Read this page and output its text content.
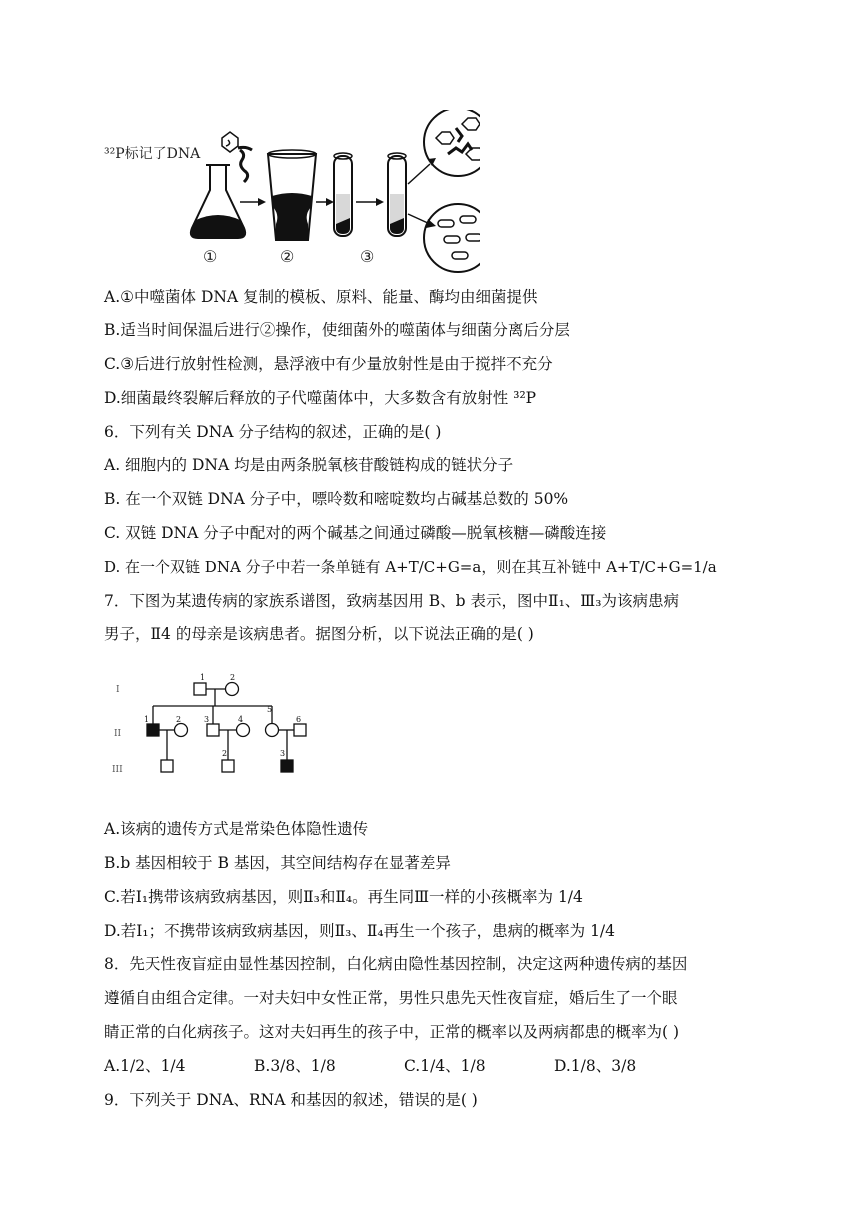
³²P标记了DNA
①	②	③
A.①中噬菌体 DNA 复制的模板、原料、能量、酶均由细菌提供
B.适当时间保温后进行②操作，使细菌外的噬菌体与细菌分离后分层
C.③后进行放射性检测，悬浮液中有少量放射性是由于搅拌不充分
D.细菌最终裂解后释放的子代噬菌体中，大多数含有放射性 ³²P
6．下列有关 DNA 分子结构的叙述，正确的是( )
A. 细胞内的 DNA 均是由两条脱氧核苷酸链构成的链状分子
B. 在一个双链 DNA 分子中，嘌呤数和嘧啶数均占碱基总数的 50%
C. 双链 DNA 分子中配对的两个碱基之间通过磷酸—脱氧核糖—磷酸连接
D. 在一个双链 DNA 分子中若一条单链有 A+T/C+G=a，则在其互补链中 A+T/C+G=1/a
7．下图为某遗传病的家族系谱图，致病基因用 B、b 表示，图中Ⅱ₁、Ⅲ₃为该病患病
男子，Ⅱ4 的母亲是该病患者。据图分析，以下说法正确的是( )
I
II
III
1	2
1	2	3	4
5
6
2	3
A.该病的遗传方式是常染色体隐性遗传
B.b 基因相较于 B 基因，其空间结构存在显著差异
C.若Ⅰ₁携带该病致病基因，则Ⅱ₃和Ⅱ₄。再生同Ⅲ一样的小孩概率为 1/4
D.若Ⅰ₁；不携带该病致病基因，则Ⅱ₃、Ⅱ₄再生一个孩子，患病的概率为 1/4
8．先天性夜盲症由显性基因控制，白化病由隐性基因控制，决定这两种遗传病的基因
遵循自由组合定律。一对夫妇中女性正常，男性只患先天性夜盲症，婚后生了一个眼
睛正常的白化病孩子。这对夫妇再生的孩子中，正常的概率以及两病都患的概率为( )
A.1/2、1/4	B.3/8、1/8	C.1/4、1/8	D.1/8、3/8
9．下列关于 DNA、RNA 和基因的叙述，错误的是( )
